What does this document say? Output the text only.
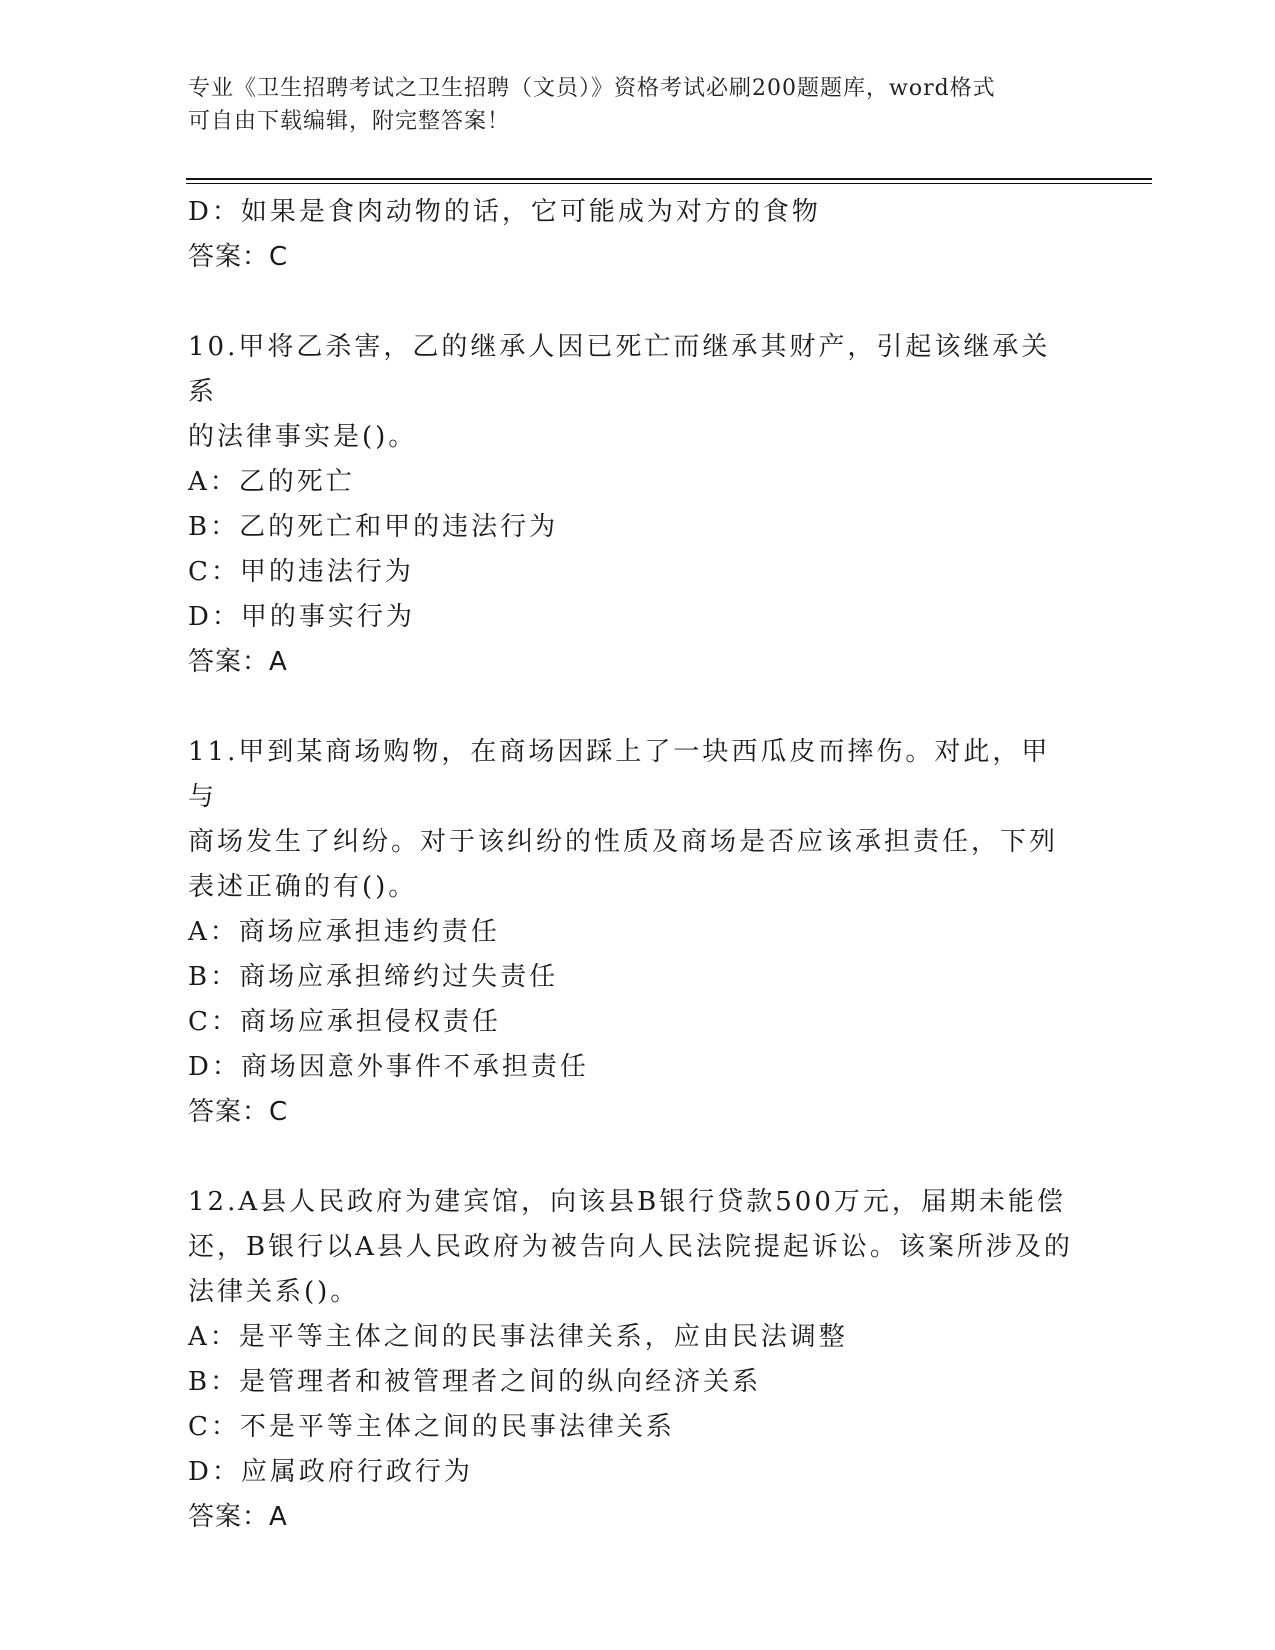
专业《卫生招聘考试之卫生招聘（文员）》资格考试必刷200题题库，word格式
可自由下载编辑，附完整答案！
D：如果是食肉动物的话，它可能成为对方的食物
答案：C
10.甲将乙杀害，乙的继承人因已死亡而继承其财产，引起该继承关系
的法律事实是()。
A：乙的死亡
B：乙的死亡和甲的违法行为
C：甲的违法行为
D：甲的事实行为
答案：A
11.甲到某商场购物，在商场因踩上了一块西瓜皮而摔伤。对此，甲与
商场发生了纠纷。对于该纠纷的性质及商场是否应该承担责任，下列
表述正确的有()。
A：商场应承担违约责任
B：商场应承担缔约过失责任
C：商场应承担侵权责任
D：商场因意外事件不承担责任
答案：C
12.A县人民政府为建宾馆，向该县B银行贷款500万元，届期未能偿
还，B银行以A县人民政府为被告向人民法院提起诉讼。该案所涉及的
法律关系()。
A：是平等主体之间的民事法律关系，应由民法调整
B：是管理者和被管理者之间的纵向经济关系
C：不是平等主体之间的民事法律关系
D：应属政府行政行为
答案：A
